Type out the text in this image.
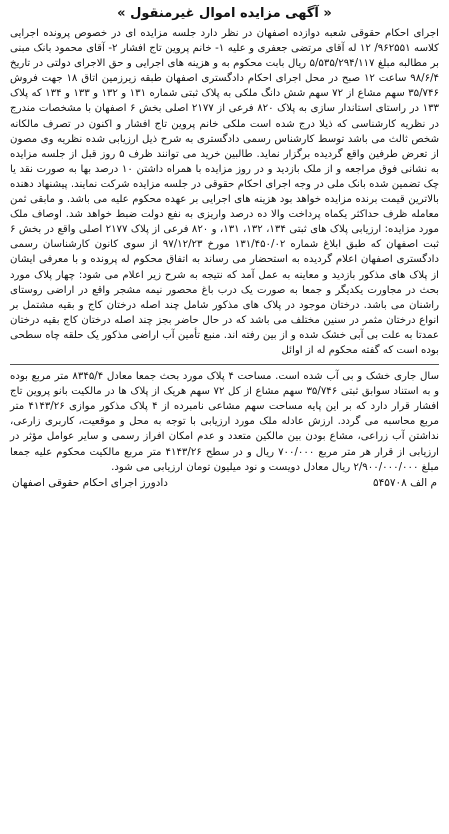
« آگهی مزایده اموال غیرمنقول »

اجرای احکام حقوقی شعبه دوازده اصفهان در نظر دارد جلسه مزایده ای در خصوص پرونده اجرایی کلاسه ۹۶۲۵۵۱/ ۱۲ له آقای مرتضی جعفری و علیه ۱- خانم پروین تاج افشار ۲- آقای محمود بانک مبنی بر مطالبه مبلغ ۵/۵۳۵/۲۹۴/۱۱۷ ریال بابت محکوم به و هزینه های اجرایی و حق الاجرای دولتی در تاریخ ۹۸/۶/۴ ساعت ۱۲ صبح در محل اجرای احکام دادگستری اصفهان طبقه زیرزمین اتاق ۱۸ جهت فروش ۳۵/۷۴۶ سهم مشاع از ۷۲ سهم شش دانگ ملکی به پلاک ثبتی شماره ۱۳۱ و ۱۳۲ و ۱۳۳ و ۱۳۴ که پلاک ۱۳۳ در راستای استاندار سازی به پلاک ۸۲۰ فرعی از ۲۱۷۷ اصلی بخش ۶ اصفهان با مشخصات مندرج در نظریه کارشناسی که ذیلا درج شده است ملکی خانم پروین تاج افشار و اکنون در تصرف مالکانه شخص ثالث می باشد توسط کارشناس رسمی دادگستری به شرح ذیل ارزیابی شده نظریه وی مصون از تعرض طرفین واقع گردیده برگزار نماید. طالبین خرید می توانند ظرف ۵ روز قبل از جلسه مزایده به نشانی فوق مراجعه و از ملک بازدید و در روز مزایده با همراه داشتن ۱۰ درصد بها به صورت نقد یا چک تضمین شده بانک ملی در وجه اجرای احکام حقوقی در جلسه مزایده شرکت نمایند. پیشنهاد دهنده بالاترین قیمت برنده مزایده خواهد بود هزینه های اجرایی بر عهده محکوم علیه می باشد. و مابقی ثمن معامله ظرف حداکثر یکماه پرداخت والا ده درصد واریزی به نفع دولت ضبط خواهد شد. اوصاف ملک مورد مزایده: ارزیابی پلاک های ثبتی ۱۳۴، ۱۳۲، ۱۳۱، و ۸۲۰ فرعی از پلاک ۲۱۷۷ اصلی واقع در بخش ۶ ثبت اصفهان که طبق ابلاغ شماره ۱۳۱/۴۵۰/۰۲ مورخ ۹۷/۱۲/۲۳ از سوی کانون کارشناسان رسمی دادگستری اصفهان اعلام گردیده به استحضار می رساند به اتفاق محکوم له پرونده و با معرفی ایشان از پلاک های مذکور بازدید و معاینه به عمل آمد که نتیجه به شرح زیر اعلام می شود: چهار پلاک مورد بحث در مجاورت یکدیگر و جمعا به صورت یک درب باغ محصور نیمه مشجر واقع در اراضی روستای راشنان می باشد. درختان موجود در پلاک های مذکور شامل چند اصله درختان کاج و بقیه مشتمل بر انواع درختان مثمر در سنین مختلف می باشد که در حال حاضر بجز چند اصله درختان کاج بقیه درختان عمدتا به علت بی آبی خشک شده و از بین رفته اند. منبع تأمین آب اراضی مذکور یک حلقه چاه سطحی بوده است که گفته محکوم له از اوائل

سال جاری خشک و بی آب شده است. مساحت ۴ پلاک مورد بحث جمعا معادل ۸۳۴۵/۴ متر مربع بوده و به استناد سوابق ثبتی ۳۵/۷۴۶ سهم مشاع از کل ۷۲ سهم هریک از پلاک ها در مالکیت بانو پروین تاج افشار قرار دارد که بر این پایه مساحت سهم مشاعی نامبرده از ۴ پلاک مذکور موازی ۴۱۴۳/۲۶ متر مربع محاسبه می گردد. ارزش عادله ملک مورد ارزیابی با توجه به محل و موقعیت، کاربری زارعی، نداشتن آب زراعی، مشاع بودن بین مالکین متعدد و عدم امکان افراز رسمی و سایر عوامل مؤثر در ارزیابی از قرار هر متر مربع ۷۰۰/۰۰۰ ریال و در سطح ۴۱۴۳/۲۶ متر مربع مالکیت محکوم علیه جمعا مبلغ ۲/۹۰۰/۰۰۰/۰۰۰ ریال معادل دویست و نود میلیون تومان ارزیابی می شود.

م الف ۵۴۵۷۰۸
دادورز اجرای احکام حقوقی اصفهان
